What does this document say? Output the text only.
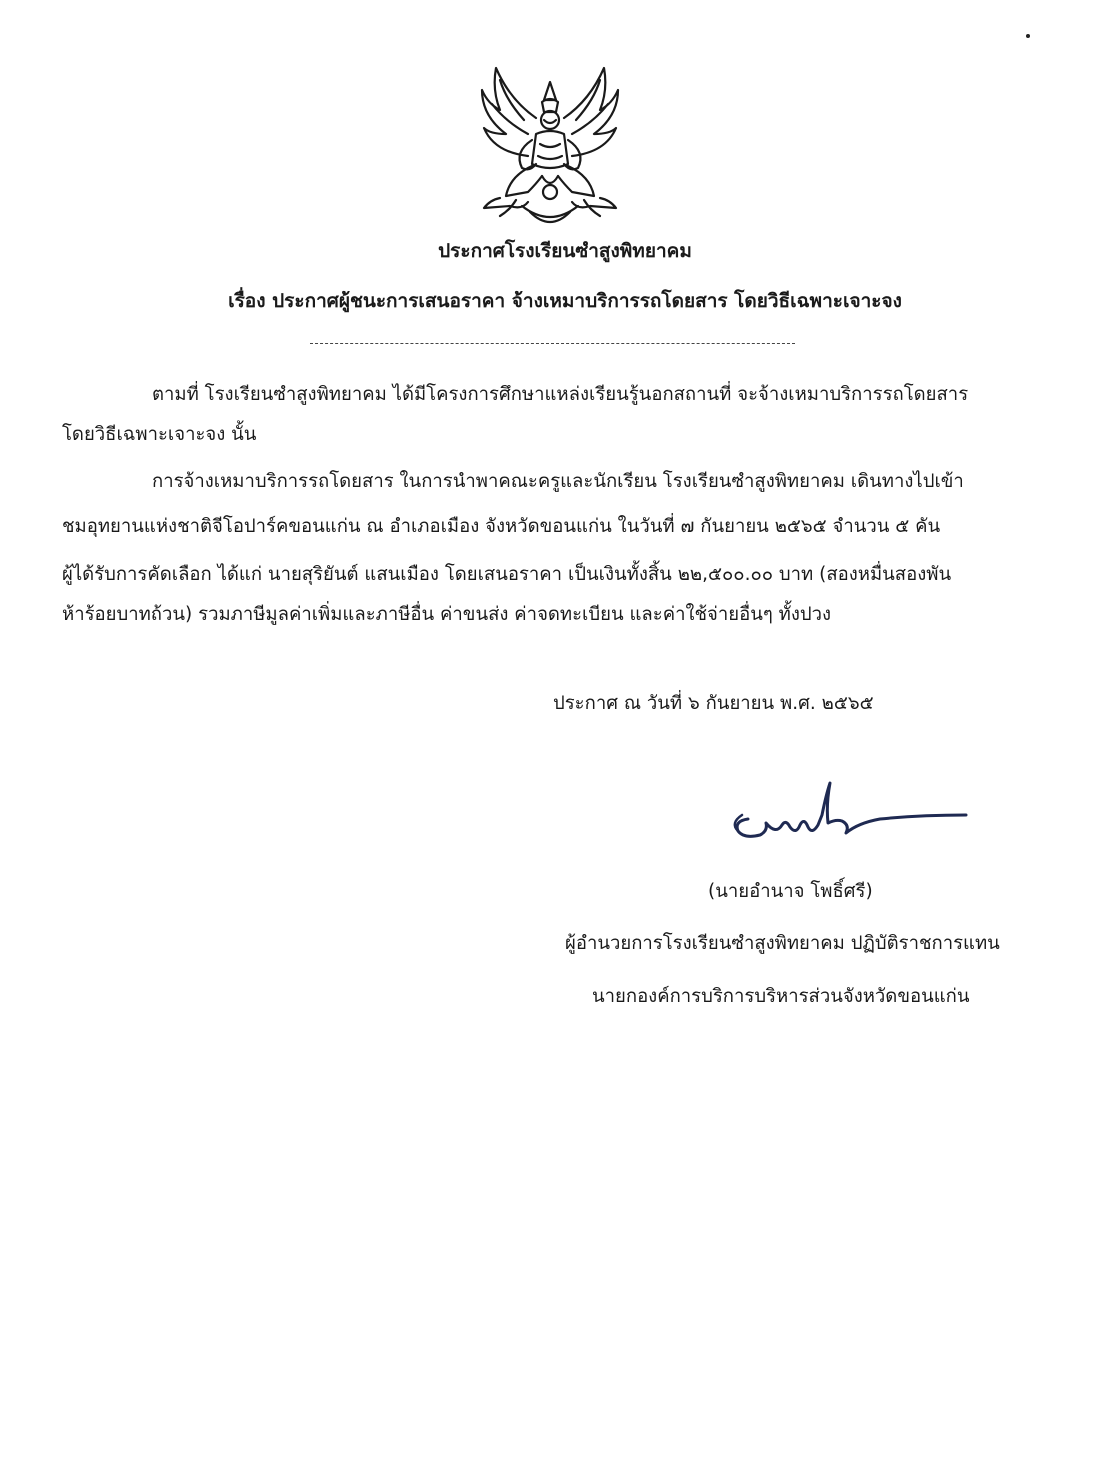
ประกาศโรงเรียนซำสูงพิทยาคม
เรื่อง ประกาศผู้ชนะการเสนอราคา จ้างเหมาบริการรถโดยสาร โดยวิธีเฉพาะเจาะจง
ตามที่ โรงเรียนซำสูงพิทยาคม ได้มีโครงการศึกษาแหล่งเรียนรู้นอกสถานที่ จะจ้างเหมาบริการรถโดยสาร
โดยวิธีเฉพาะเจาะจง นั้น
การจ้างเหมาบริการรถโดยสาร ในการนำพาคณะครูและนักเรียน โรงเรียนซำสูงพิทยาคม เดินทางไปเข้า
ชมอุทยานแห่งชาติจีโอปาร์คขอนแก่น ณ อำเภอเมือง จังหวัดขอนแก่น ในวันที่ ๗ กันยายน ๒๕๖๕ จำนวน ๕ คัน
ผู้ได้รับการคัดเลือก ได้แก่ นายสุริยันต์ แสนเมือง โดยเสนอราคา เป็นเงินทั้งสิ้น ๒๒,๕๐๐.๐๐ บาท (สองหมื่นสองพัน
ห้าร้อยบาทถ้วน) รวมภาษีมูลค่าเพิ่มและภาษีอื่น ค่าขนส่ง ค่าจดทะเบียน และค่าใช้จ่ายอื่นๆ ทั้งปวง
ประกาศ ณ วันที่ ๖ กันยายน พ.ศ. ๒๕๖๕
(นายอำนาจ โพธิ์ศรี)
ผู้อำนวยการโรงเรียนซำสูงพิทยาคม ปฏิบัติราชการแทน
นายกองค์การบริการบริหารส่วนจังหวัดขอนแก่น
